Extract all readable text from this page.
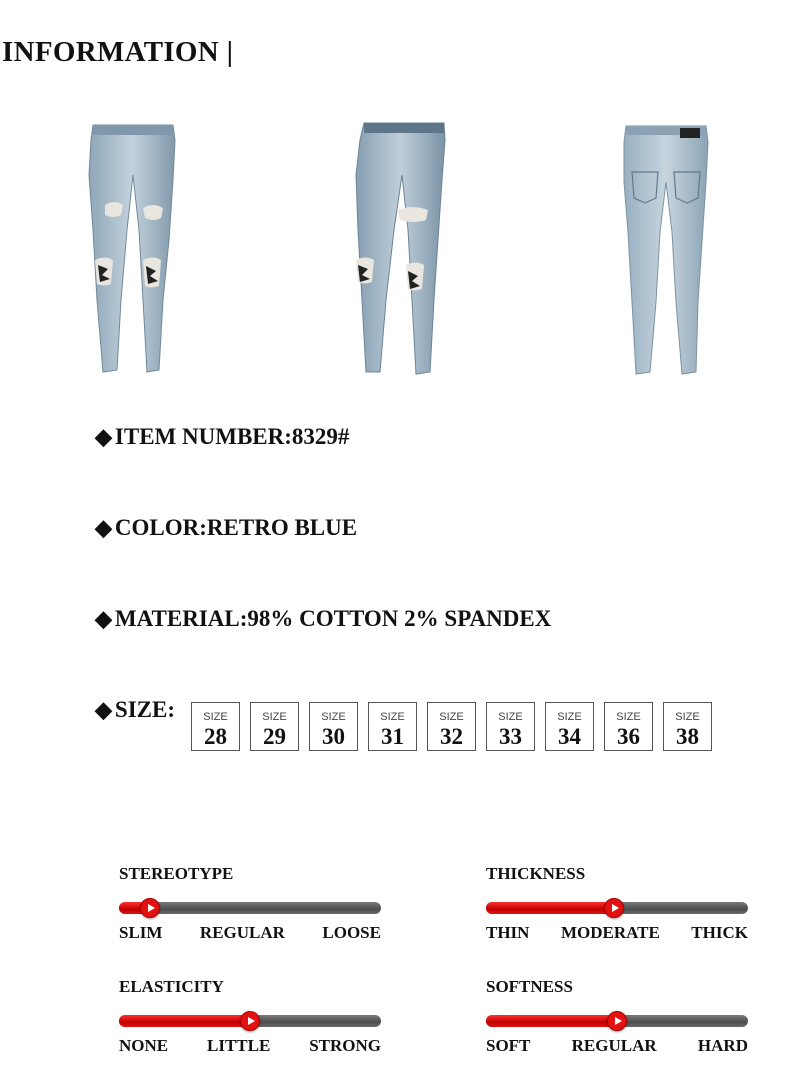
INFORMATION |
◆ ITEM NUMBER:8329#
◆ COLOR:RETRO BLUE
◆ MATERIAL:98% COTTON 2% SPANDEX
◆ SIZE:	SIZE
28
SIZE
29
SIZE
30
SIZE
31
SIZE
32
SIZE
33
SIZE
34
SIZE
36
SIZE
38
STEREOTYPE
SLIM REGULAR LOOSE
THICKNESS
THIN MODERATE THICK
ELASTICITY
NONE LITTLE STRONG
SOFTNESS
SOFT REGULAR HARD
